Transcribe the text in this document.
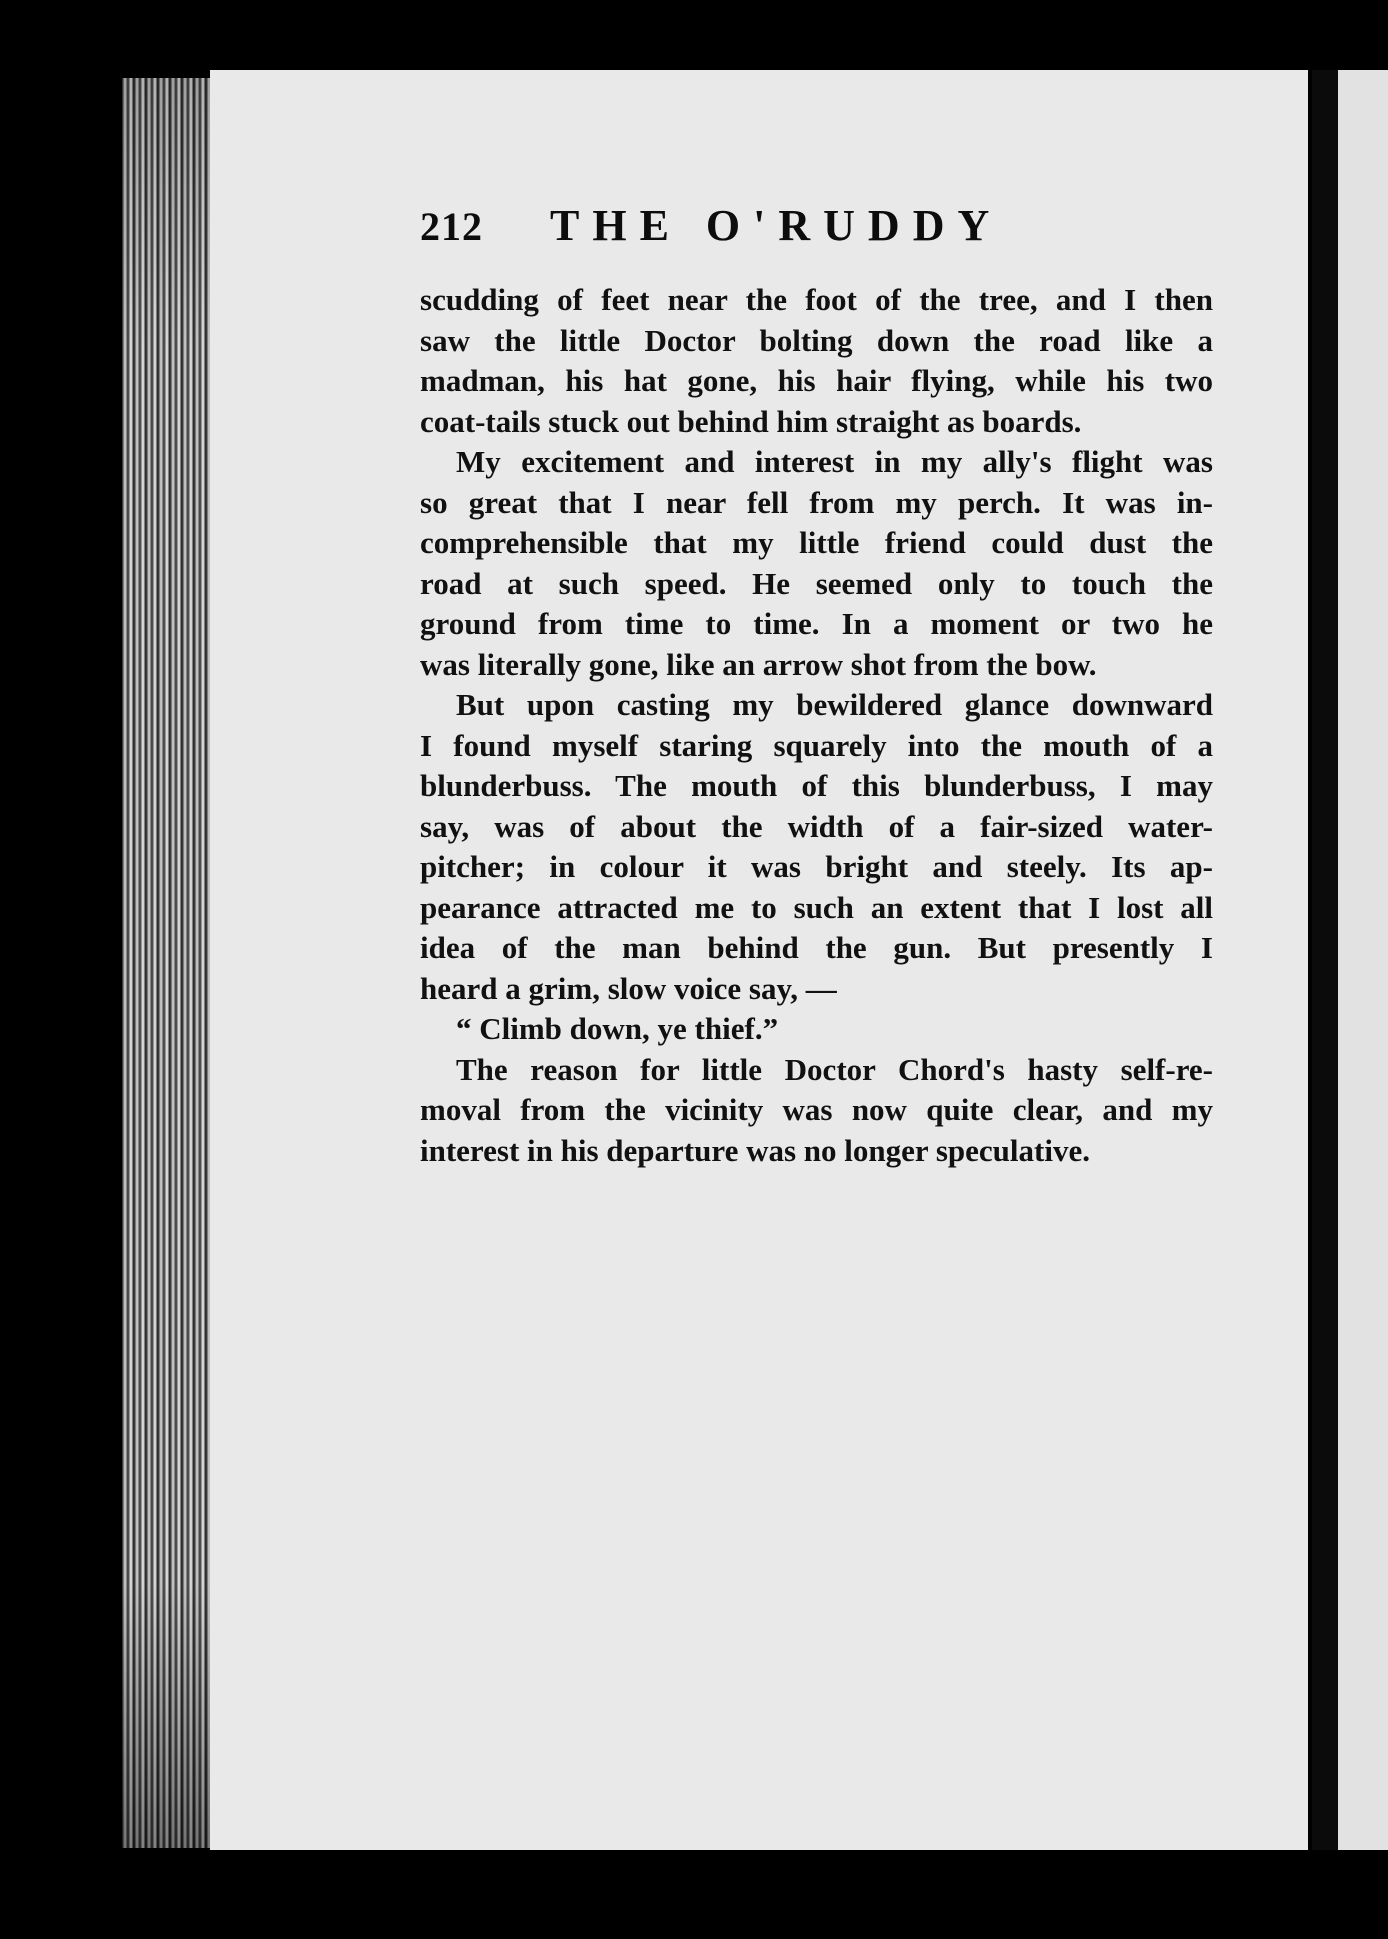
212	THE O'RUDDY
scudding of feet near the foot of the tree, and I then
saw the little Doctor bolting down the road like a
madman, his hat gone, his hair flying, while his two
coat-tails stuck out behind him straight as boards.
My excitement and interest in my ally's flight was
so great that I near fell from my perch. It was in-
comprehensible that my little friend could dust the
road at such speed. He seemed only to touch the
ground from time to time. In a moment or two he
was literally gone, like an arrow shot from the bow.
But upon casting my bewildered glance downward
I found myself staring squarely into the mouth of a
blunderbuss. The mouth of this blunderbuss, I may
say, was of about the width of a fair-sized water-
pitcher; in colour it was bright and steely. Its ap-
pearance attracted me to such an extent that I lost all
idea of the man behind the gun. But presently I
heard a grim, slow voice say, —
“ Climb down, ye thief.”
The reason for little Doctor Chord's hasty self-re-
moval from the vicinity was now quite clear, and my
interest in his departure was no longer speculative.
